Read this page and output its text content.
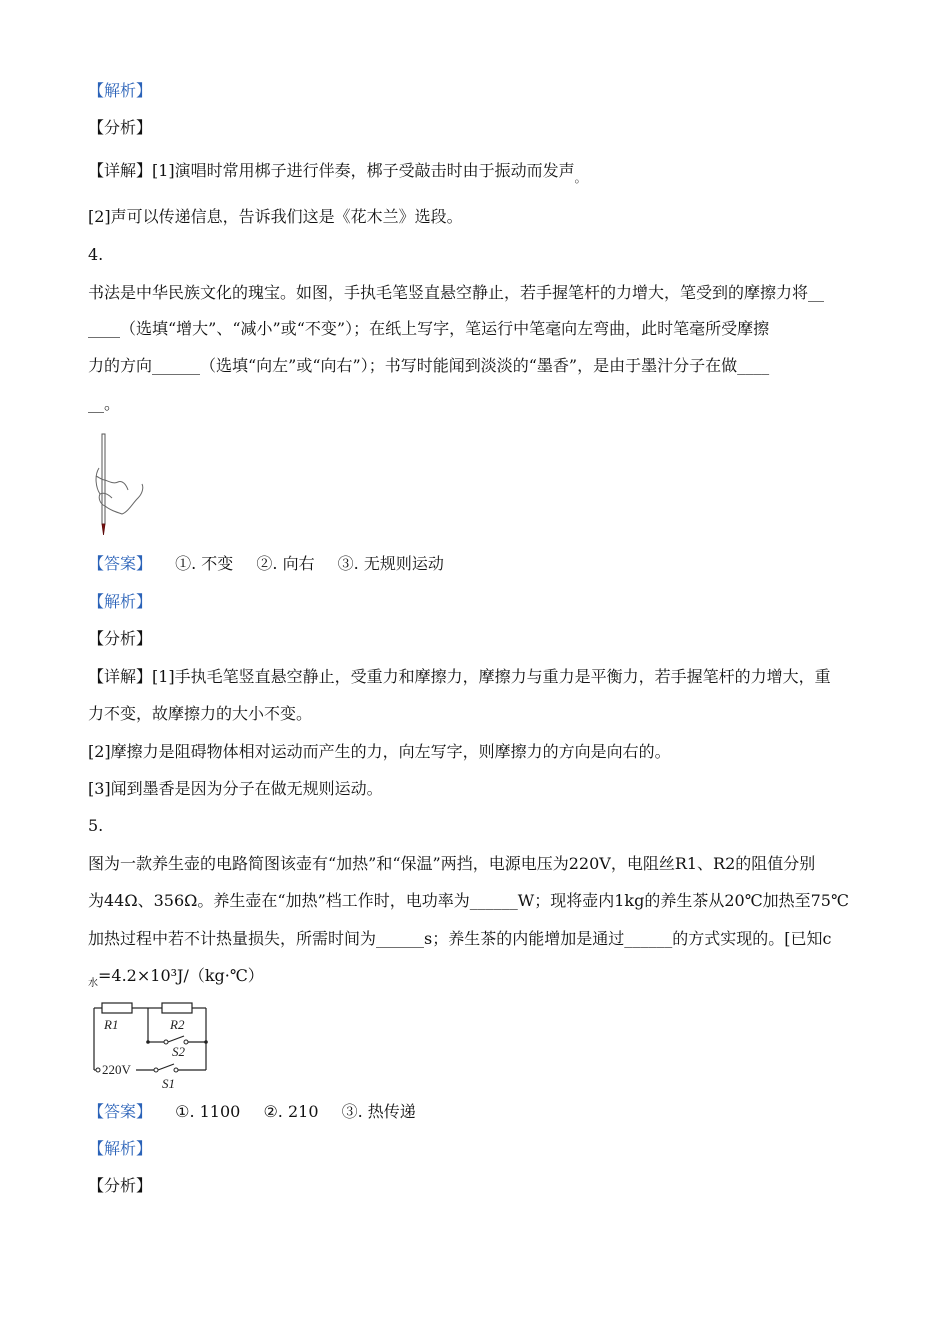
【解析】
【分析】
【详解】[1]演唱时常用梆子进行伴奏，梆子受敲击时由于振动而发声$_。$
[2]声可以传递信息，告诉我们这是《花木兰》选段。
4.
书法是中华民族文化的瑰宝。如图，手执毛笔竖直悬空静止，若手握笔杆的力增大，笔受到的摩擦力将__
____（选填“增大”、“减小”或“不变”）；在纸上写字，笔运行中笔毫向左弯曲，此时笔毫所受摩擦
力的方向______（选填“向左”或“向右”）；书写时能闻到淡淡的“墨香”，是由于墨汁分子在做____
__。
【答案】 ①. 不变 ②. 向右 ③. 无规则运动
【解析】
【分析】
【详解】[1]手执毛笔竖直悬空静止，受重力和摩擦力，摩擦力与重力是平衡力，若手握笔杆的力增大，重
力不变，故摩擦力的大小不变。
[2]摩擦力是阻碍物体相对运动而产生的力，向左写字，则摩擦力的方向是向右的。
[3]闻到墨香是因为分子在做无规则运动。
5.
图为一款养生壶的电路简图该壶有“加热”和“保温”两挡，电源电压为220V，电阻丝R1、R2的阻值分别
为44Ω、356Ω。养生壶在“加热”档工作时，电功率为______W；现将壶内1kg的养生茶从20℃加热至75℃
加热过程中若不计热量损失，所需时间为______s；养生茶的内能增加是通过______的方式实现的。[已知c
$_水$=4.2×10³J/（kg·℃）
R1	R2
S2
220V
S1
【答案】 ①. 1100 ②. 210 ③. 热传递
【解析】
【分析】
